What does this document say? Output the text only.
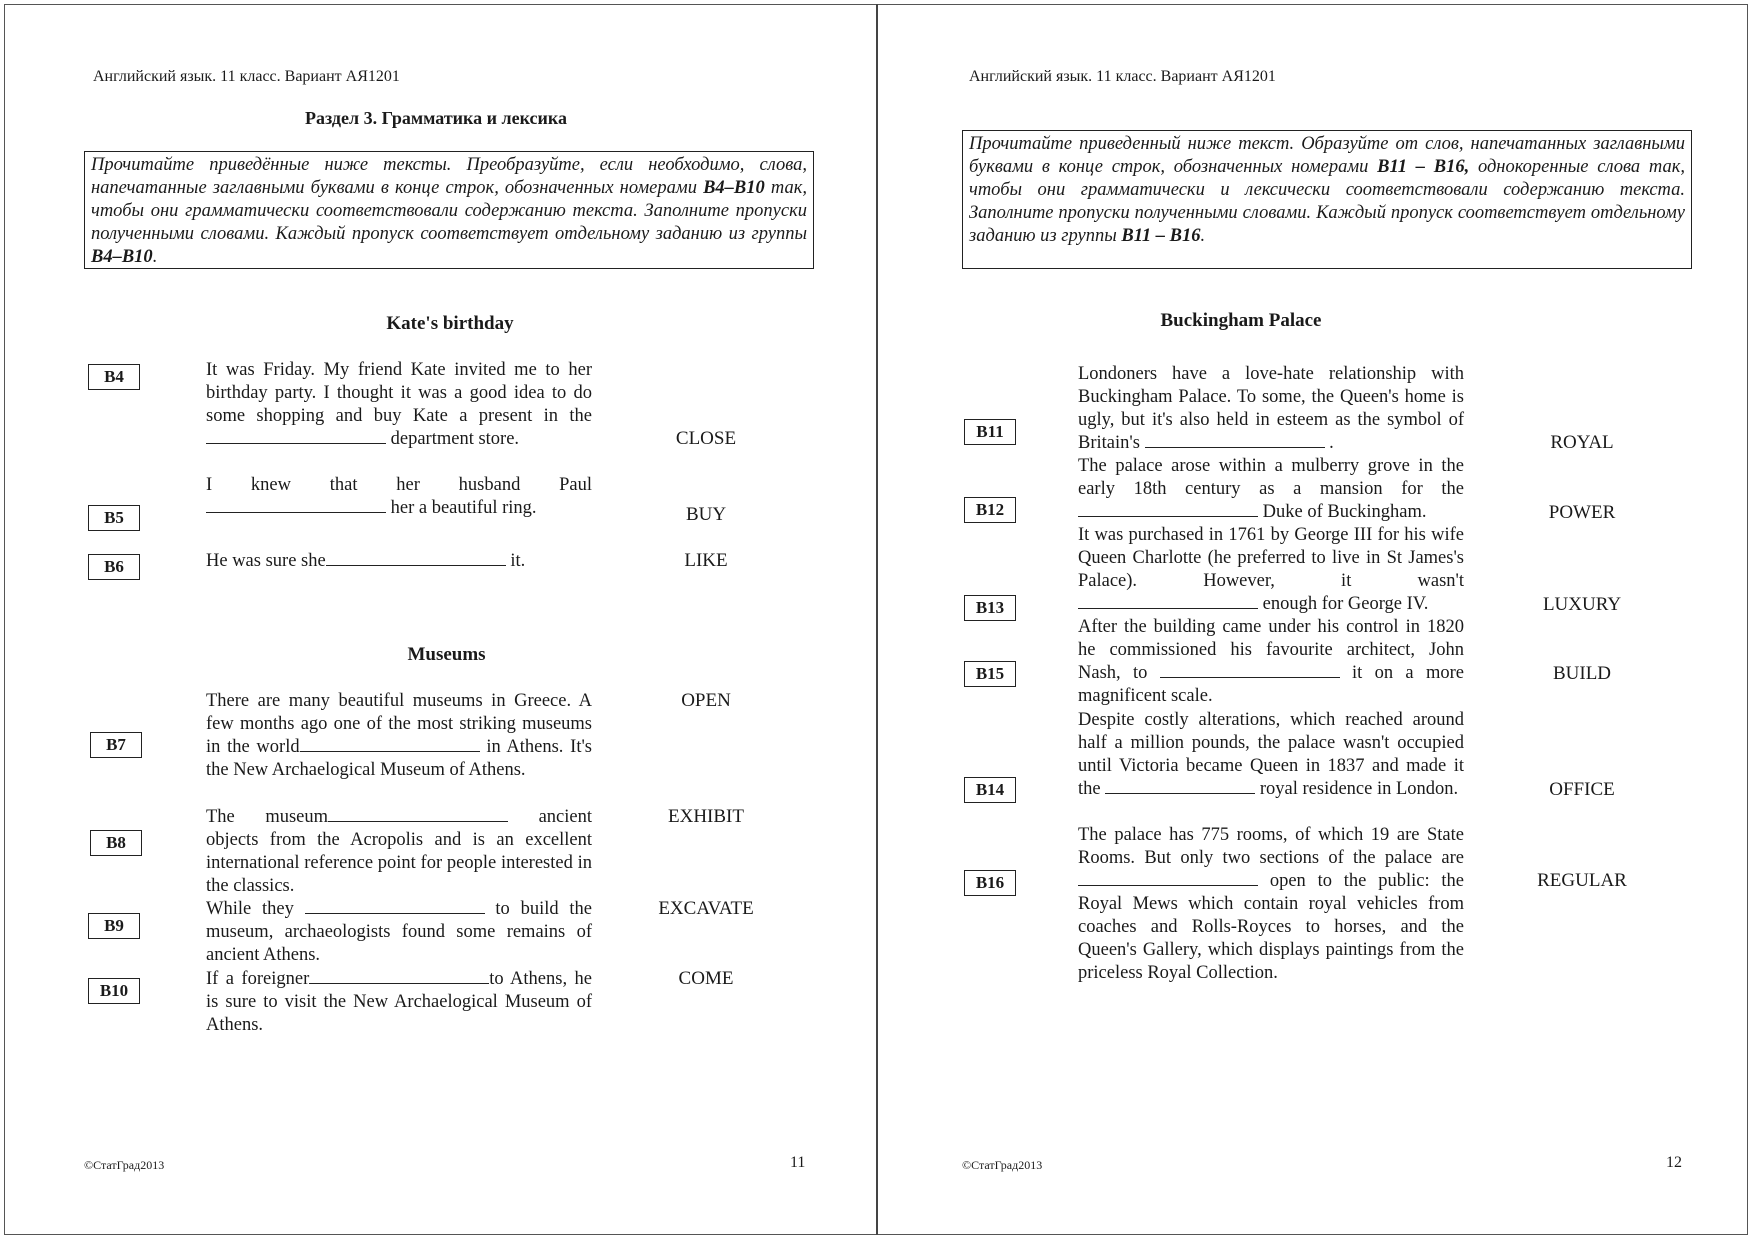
Английский язык. 11 класс. Вариант АЯ1201
Раздел 3. Грамматика и лексика
Прочитайте приведённые ниже тексты. Преобразуйте, если необходимо, слова, напечатанные заглавными буквами в конце строк, обозначенных номерами B4–B10 так, чтобы они грамматически соответствовали содержанию текста. Заполните пропуски полученными словами. Каждый пропуск соответствует отдельному заданию из группы B4–B10.
Kate's birthday
B4	It was Friday. My friend Kate invited me to her birthday party. I thought it was a good idea to do some shopping and buy Kate a present in the  department store.	CLOSE
B5
I knew that her husband Paul  her a beautiful ring.	BUY
B6	He was sure she	it.	LIKE
Museums
B7
There are many beautiful museums in Greece. A few months ago one of the most striking museums in the world	in Athens. It's the New Archaelogical Museum of Athens.
OPEN
B8
The museum	ancient objects from the Acropolis and is an excellent international reference point for people interested in the classics.
EXHIBIT
B9
While they	to build the museum, archaeologists found some remains of ancient Athens.
EXCAVATE
B10
If a foreigner	to Athens, he is sure to visit the New Archaelogical Museum of Athens.
COME
©СтатГрад2013	11
Английский язык. 11 класс. Вариант АЯ1201
Прочитайте приведенный ниже текст. Образуйте от слов, напечатанных заглавными буквами в конце строк, обозначенных номерами B11 – B16, однокоренные слова так, чтобы они грамматически и лексически соответствовали содержанию текста. Заполните пропуски полученными словами. Каждый пропуск соответствует отдельному заданию из группы B11 – B16.
Buckingham Palace
B11
Londoners have a love-hate relationship with Buckingham Palace. To some, the Queen's home is ugly, but it's also held in esteem as the symbol of Britain's	.	ROYAL
B12
The palace arose within a mulberry grove in the early 18th century as a mansion for the  Duke of Buckingham.	POWER
B13
It was purchased in 1761 by George III for his wife Queen Charlotte (he preferred to live in St James's Palace). However, it wasn't  enough for George IV.	LUXURY
B15
After the building came under his control in 1820 he commissioned his favourite architect, John Nash, to	it on a more magnificent scale.
BUILD
B14
Despite costly alterations, which reached around half a million pounds, the palace wasn't occupied until Victoria became Queen in 1837 and made it the	royal residence in London.	OFFICE
B16
The palace has 775 rooms, of which 19 are State Rooms. But only two sections of the palace are  open to the public: the Royal Mews which contain royal vehicles from coaches and Rolls-Royces to horses, and the Queen's Gallery, which displays paintings from the priceless Royal Collection.
REGULAR
©СтатГрад2013	12
